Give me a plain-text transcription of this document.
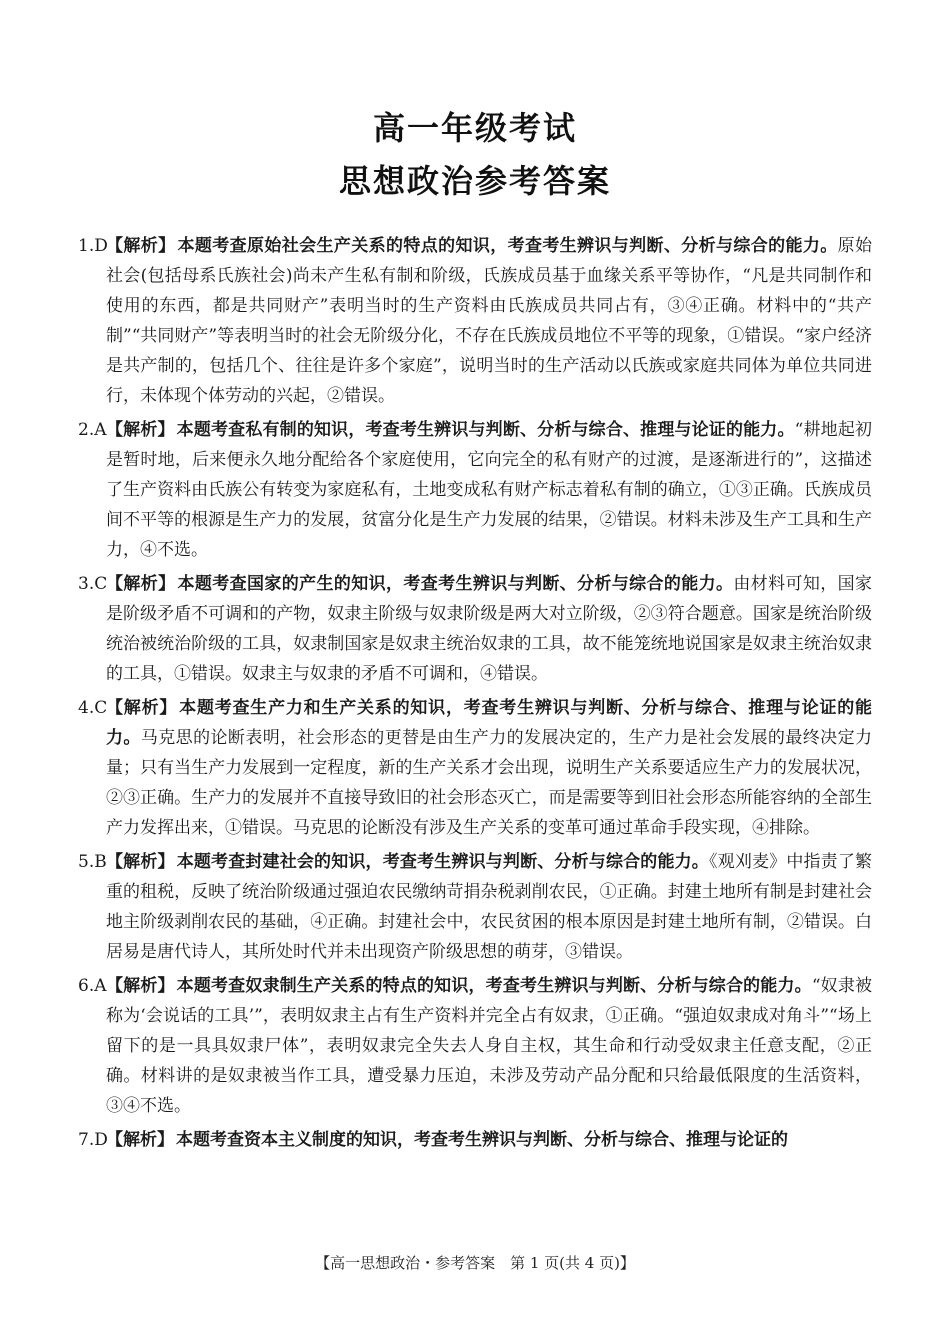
高一年级考试
思想政治参考答案
1.D
【解析】 本题考查原始社会生产关系的特点的知识，考查考生辨识与判断、分析与综合的能力。原始社会(包括母系氏族社会)尚未产生私有制和阶级，氏族成员基于血缘关系平等协作，“凡是共同制作和使用的东西，都是共同财产”表明当时的生产资料由氏族成员共同占有，③④正确。材料中的“共产制”“共同财产”等表明当时的社会无阶级分化，不存在氏族成员地位不平等的现象，①错误。“家户经济是共产制的，包括几个、往往是许多个家庭”，说明当时的生产活动以氏族或家庭共同体为单位共同进行，未体现个体劳动的兴起，②错误。
2.A 【解析】 本题考查私有制的知识，考查考生辨识与判断、分析与综合、推理与论证的能力。“耕地起初是暂时地，后来便永久地分配给各个家庭使用，它向完全的私有财产的过渡，是逐渐进行的”，这描述了生产资料由氏族公有转变为家庭私有，土地变成私有财产标志着私有制的确立，①③正确。氏族成员间不平等的根源是生产力的发展，贫富分化是生产力发展的结果，②错误。材料未涉及生产工具和生产力，④不选。
3.C
【解析】 本题考查国家的产生的知识，考查考生辨识与判断、分析与综合的能力。由材料可知，国家是阶级矛盾不可调和的产物，奴隶主阶级与奴隶阶级是两大对立阶级，②③符合题意。国家是统治阶级统治被统治阶级的工具，奴隶制国家是奴隶主统治奴隶的工具，故不能笼统地说国家是奴隶主统治奴隶的工具，①错误。奴隶主与奴隶的矛盾不可调和，④错误。
4.C
【解析】 本题考查生产力和生产关系的知识，考查考生辨识与判断、分析与综合、推理与论证的能力。马克思的论断表明，社会形态的更替是由生产力的发展决定的，生产力是社会发展的最终决定力量；只有当生产力发展到一定程度，新的生产关系才会出现，说明生产关系要适应生产力的发展状况，②③正确。生产力的发展并不直接导致旧的社会形态灭亡，而是需要等到旧社会形态所能容纳的全部生产力发挥出来，①错误。马克思的论断没有涉及生产关系的变革可通过革命手段实现，④排除。
5.B 【解析】 本题考查封建社会的知识，考查考生辨识与判断、分析与综合的能力。《观刈麦》中指责了繁重的租税，反映了统治阶级通过强迫农民缴纳苛捐杂税剥削农民，①正确。封建土地所有制是封建社会地主阶级剥削农民的基础，④正确。封建社会中，农民贫困的根本原因是封建土地所有制，②错误。白居易是唐代诗人，其所处时代并未出现资产阶级思想的萌芽，③错误。
6.A 【解析】 本题考查奴隶制生产关系的特点的知识，考查考生辨识与判断、分析与综合的能力。“奴隶被称为‘会说话的工具’”，表明奴隶主占有生产资料并完全占有奴隶，①正确。“强迫奴隶成对角斗”“场上留下的是一具具奴隶尸体”，表明奴隶完全失去人身自主权，其生命和行动受奴隶主任意支配，②正确。材料讲的是奴隶被当作工具，遭受暴力压迫，未涉及劳动产品分配和只给最低限度的生活资料，③④不选。
7.D
【解析】 本题考查资本主义制度的知识，考查考生辨识与判断、分析与综合、推理与论证的
【高一思想政治・参考答案　第 1 页(共 4 页)】
